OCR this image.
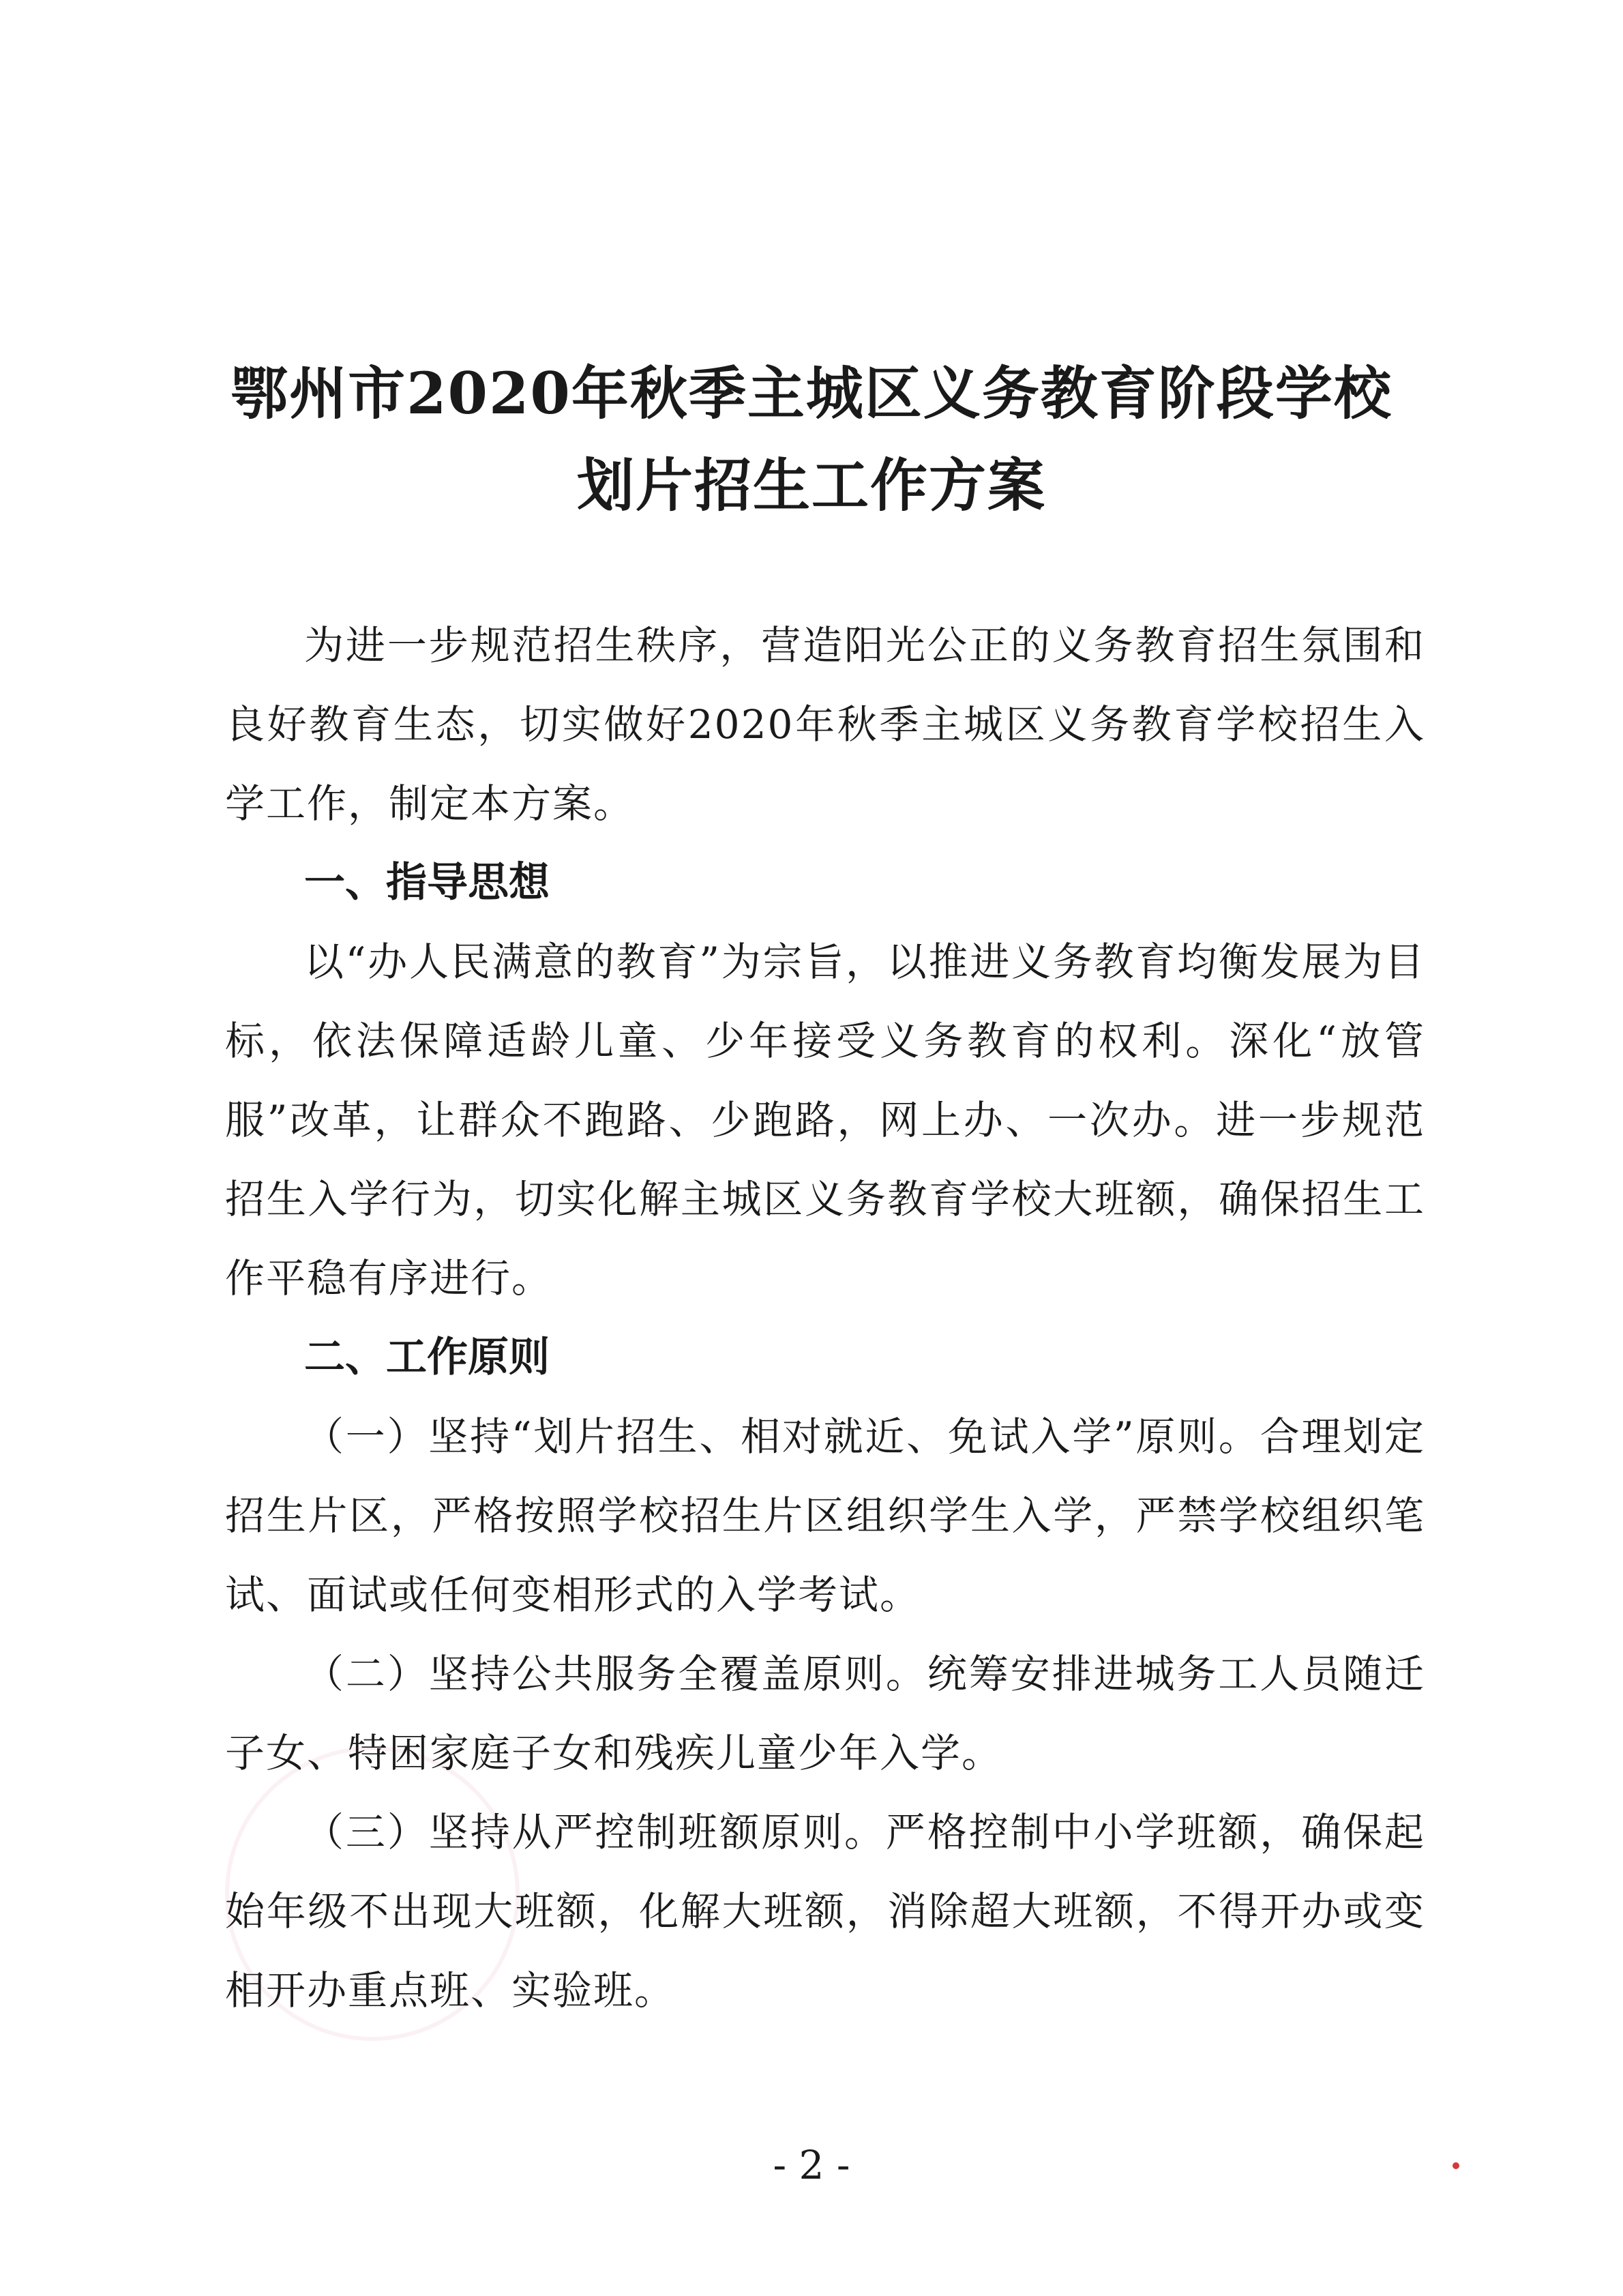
鄂州市2020年秋季主城区义务教育阶段学校
划片招生工作方案

为进一步规范招生秩序，营造阳光公正的义务教育招生氛围和良好教育生态，切实做好2020年秋季主城区义务教育学校招生入学工作，制定本方案。

一、指导思想

以“办人民满意的教育”为宗旨，以推进义务教育均衡发展为目标，依法保障适龄儿童、少年接受义务教育的权利。深化“放管服”改革，让群众不跑路、少跑路，网上办、一次办。进一步规范招生入学行为，切实化解主城区义务教育学校大班额，确保招生工作平稳有序进行。

二、工作原则

（一）坚持“划片招生、相对就近、免试入学”原则。合理划定招生片区，严格按照学校招生片区组织学生入学，严禁学校组织笔试、面试或任何变相形式的入学考试。

（二）坚持公共服务全覆盖原则。统筹安排进城务工人员随迁子女、特困家庭子女和残疾儿童少年入学。

（三）坚持从严控制班额原则。严格控制中小学班额，确保起始年级不出现大班额，化解大班额，消除超大班额，不得开办或变相开办重点班、实验班。

- 2 -
